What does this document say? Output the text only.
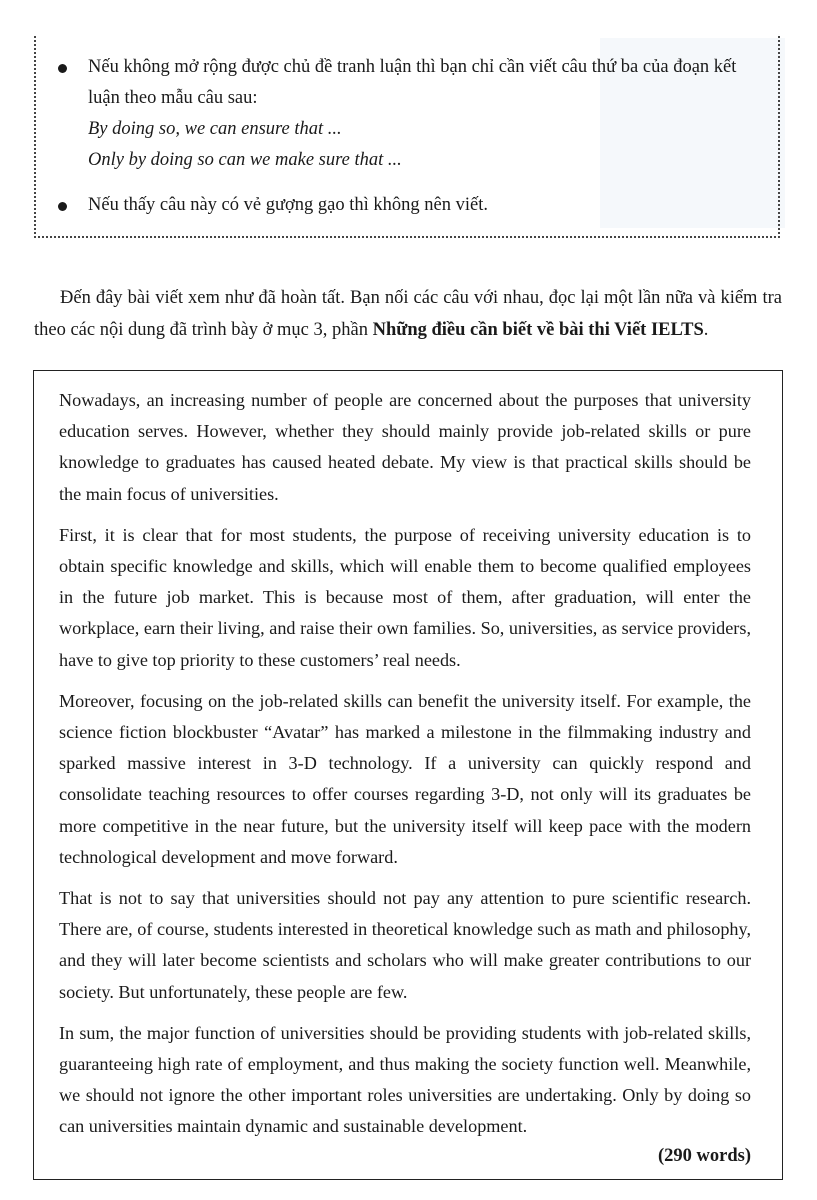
Nếu không mở rộng được chủ đề tranh luận thì bạn chỉ cần viết câu thứ ba của đoạn kết luận theo mẫu câu sau:
By doing so, we can ensure that ...
Only by doing so can we make sure that ...
Nếu thấy câu này có vẻ gượng gạo thì không nên viết.

Đến đây bài viết xem như đã hoàn tất. Bạn nối các câu với nhau, đọc lại một lần nữa và kiểm tra theo các nội dung đã trình bày ở mục 3, phần Những điều cần biết về bài thi Viết IELTS.

Nowadays, an increasing number of people are concerned about the purposes that university education serves. However, whether they should mainly provide job-related skills or pure knowledge to graduates has caused heated debate. My view is that practical skills should be the main focus of universities.

First, it is clear that for most students, the purpose of receiving university education is to obtain specific knowledge and skills, which will enable them to become qualified employees in the future job market. This is because most of them, after graduation, will enter the workplace, earn their living, and raise their own families. So, universities, as service providers, have to give top priority to these customers’ real needs.

Moreover, focusing on the job-related skills can benefit the university itself. For example, the science fiction blockbuster “Avatar” has marked a milestone in the filmmaking industry and sparked massive interest in 3-D technology. If a university can quickly respond and consolidate teaching resources to offer courses regarding 3-D, not only will its graduates be more competitive in the near future, but the university itself will keep pace with the modern technological development and move forward.

That is not to say that universities should not pay any attention to pure scientific research. There are, of course, students interested in theoretical knowledge such as math and philosophy, and they will later become scientists and scholars who will make greater contributions to our society. But unfortunately, these people are few.

In sum, the major function of universities should be providing students with job-related skills, guaranteeing high rate of employment, and thus making the society function well. Meanwhile, we should not ignore the other important roles universities are undertaking. Only by doing so can universities maintain dynamic and sustainable development.

(290 words)
